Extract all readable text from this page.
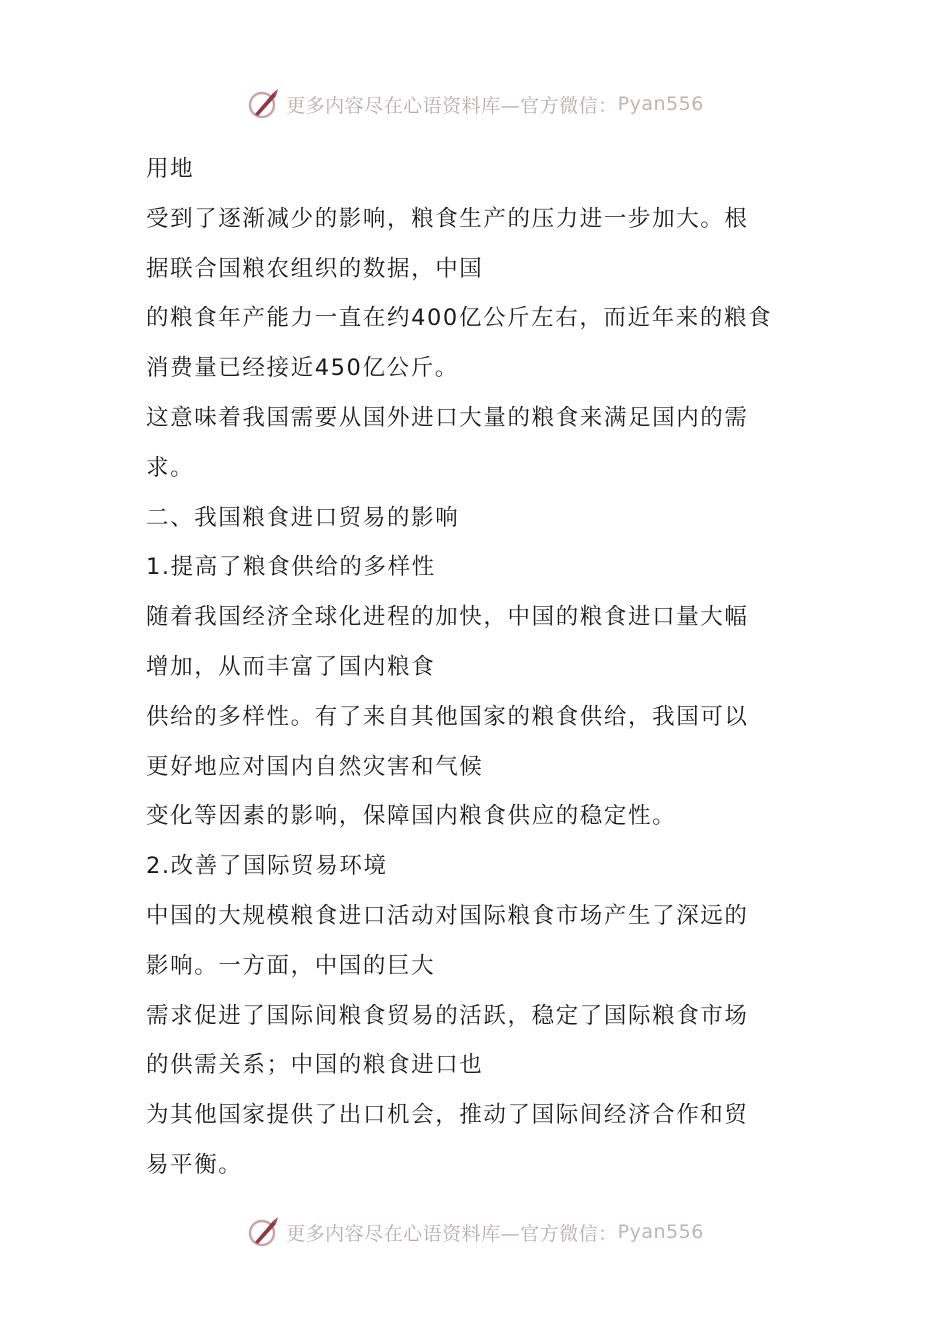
更多内容尽在心语资料库—官方微信： Pyan556
用地
受到了逐渐减少的影响，粮食生产的压力进一步加大。根
据联合国粮农组织的数据，中国
的粮食年产能力一直在约400亿公斤左右，而近年来的粮食
消费量已经接近450亿公斤。
这意味着我国需要从国外进口大量的粮食来满足国内的需
求。
二、我国粮食进口贸易的影响
1.提高了粮食供给的多样性
随着我国经济全球化进程的加快，中国的粮食进口量大幅
增加，从而丰富了国内粮食
供给的多样性。有了来自其他国家的粮食供给，我国可以
更好地应对国内自然灾害和气候
变化等因素的影响，保障国内粮食供应的稳定性。
2.改善了国际贸易环境
中国的大规模粮食进口活动对国际粮食市场产生了深远的
影响。一方面，中国的巨大
需求促进了国际间粮食贸易的活跃，稳定了国际粮食市场
的供需关系；中国的粮食进口也
为其他国家提供了出口机会，推动了国际间经济合作和贸
易平衡。
更多内容尽在心语资料库—官方微信： Pyan556
